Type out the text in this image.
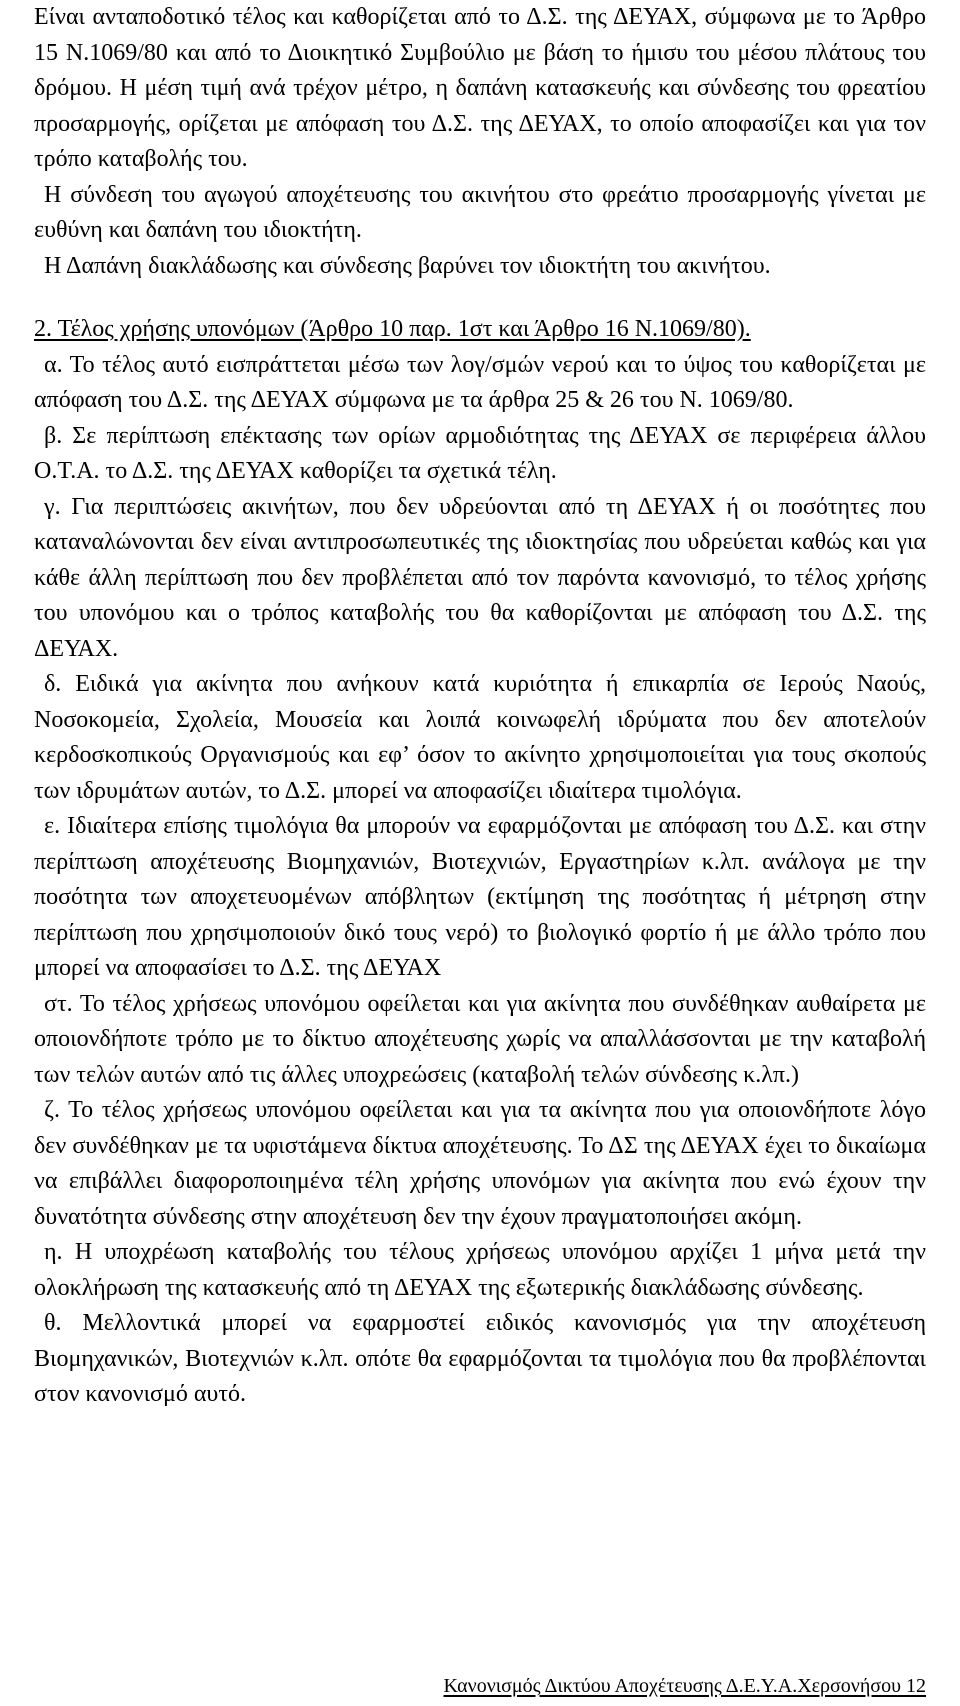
Είναι ανταποδοτικό τέλος και καθορίζεται από το Δ.Σ. της ΔΕΥΑΧ, σύμφωνα με το Άρθρο 15 Ν.1069/80 και από το Διοικητικό Συμβούλιο με βάση το ήμισυ του μέσου πλάτους του δρόμου. Η μέση τιμή ανά τρέχον μέτρο, η δαπάνη κατασκευής και σύνδεσης του φρεατίου προσαρμογής, ορίζεται με απόφαση του Δ.Σ. της ΔΕΥΑΧ, το οποίο αποφασίζει και για τον τρόπο καταβολής του.

Η σύνδεση του αγωγού αποχέτευσης του ακινήτου στο φρεάτιο προσαρμογής γίνεται με ευθύνη και δαπάνη του ιδιοκτήτη.

Η Δαπάνη διακλάδωσης και σύνδεσης βαρύνει τον ιδιοκτήτη του ακινήτου.

2. Τέλος χρήσης υπονόμων (Άρθρο 10 παρ. 1στ και Άρθρο 16 Ν.1069/80).

α. Το τέλος αυτό εισπράττεται μέσω των λογ/σμών νερού και το ύψος του καθορίζεται με απόφαση του Δ.Σ. της ΔΕΥΑΧ σύμφωνα με τα άρθρα 25 & 26 του Ν. 1069/80.

β. Σε περίπτωση επέκτασης των ορίων αρμοδιότητας της ΔΕΥΑΧ σε περιφέρεια άλλου Ο.Τ.Α. το Δ.Σ. της ΔΕΥΑΧ καθορίζει τα σχετικά τέλη.

γ. Για περιπτώσεις ακινήτων, που δεν υδρεύονται από τη ΔΕΥΑΧ ή οι ποσότητες που καταναλώνονται δεν είναι αντιπροσωπευτικές της ιδιοκτησίας που υδρεύεται καθώς και για κάθε άλλη περίπτωση που δεν προβλέπεται από τον παρόντα κανονισμό, το τέλος χρήσης του υπονόμου και ο τρόπος καταβολής του θα καθορίζονται με απόφαση του Δ.Σ. της ΔΕΥΑΧ.

δ. Ειδικά για ακίνητα που ανήκουν κατά κυριότητα ή επικαρπία σε Ιερούς Ναούς, Νοσοκομεία, Σχολεία, Μουσεία και λοιπά κοινωφελή ιδρύματα που δεν αποτελούν κερδοσκοπικούς Οργανισμούς και εφ’ όσον το ακίνητο χρησιμοποιείται για τους σκοπούς των ιδρυμάτων αυτών, το Δ.Σ. μπορεί να αποφασίζει ιδιαίτερα τιμολόγια.

ε. Ιδιαίτερα επίσης τιμολόγια θα μπορούν να εφαρμόζονται με απόφαση του Δ.Σ. και στην περίπτωση αποχέτευσης Βιομηχανιών, Βιοτεχνιών, Εργαστηρίων κ.λπ. ανάλογα με την ποσότητα των αποχετευομένων απόβλητων (εκτίμηση της ποσότητας ή μέτρηση στην περίπτωση που χρησιμοποιούν δικό τους νερό) το βιολογικό φορτίο ή με άλλο τρόπο που μπορεί να αποφασίσει το Δ.Σ. της ΔΕΥΑΧ

στ. Το τέλος χρήσεως υπονόμου οφείλεται και για ακίνητα που συνδέθηκαν αυθαίρετα με οποιονδήποτε τρόπο με το δίκτυο αποχέτευσης χωρίς να απαλλάσσονται με την καταβολή των τελών αυτών από τις άλλες υποχρεώσεις (καταβολή τελών σύνδεσης κ.λπ.)

ζ. Το τέλος χρήσεως υπονόμου οφείλεται και για τα ακίνητα που για οποιονδήποτε λόγο δεν συνδέθηκαν με τα υφιστάμενα δίκτυα αποχέτευσης. Το ΔΣ της ΔΕΥΑΧ έχει το δικαίωμα να επιβάλλει διαφοροποιημένα τέλη χρήσης υπονόμων για ακίνητα που ενώ έχουν την δυνατότητα σύνδεσης στην αποχέτευση δεν την έχουν πραγματοποιήσει ακόμη.

η. Η υποχρέωση καταβολής του τέλους χρήσεως υπονόμου αρχίζει 1 μήνα μετά την ολοκλήρωση της κατασκευής από τη ΔΕΥΑΧ της εξωτερικής διακλάδωσης σύνδεσης.

θ. Μελλοντικά μπορεί να εφαρμοστεί ειδικός κανονισμός για την αποχέτευση Βιομηχανικών, Βιοτεχνιών κ.λπ. οπότε θα εφαρμόζονται τα τιμολόγια που θα προβλέπονται στον κανονισμό αυτό.

Κανονισμός Δικτύου Αποχέτευσης Δ.Ε.Υ.Α.Χερσονήσου 12
